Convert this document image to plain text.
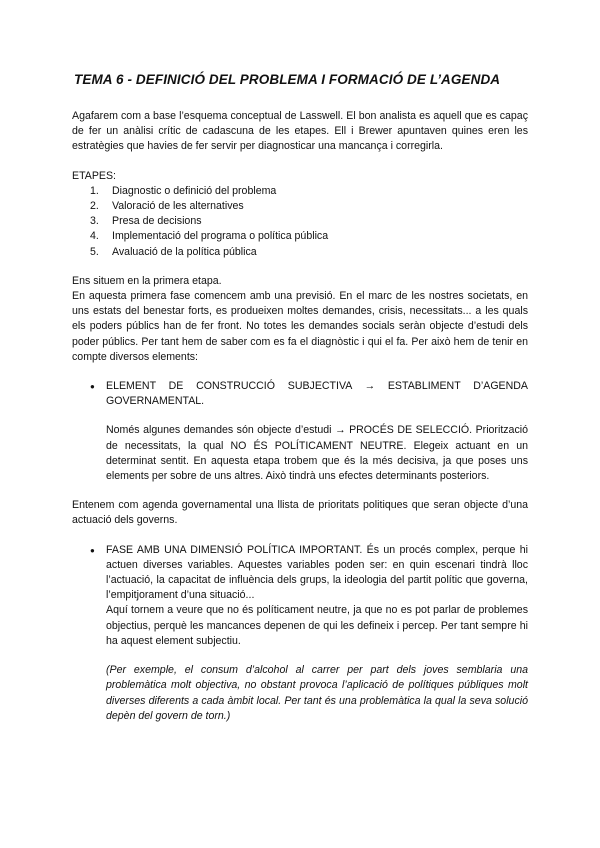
TEMA 6 - DEFINICIÓ DEL PROBLEMA I FORMACIÓ DE L’AGENDA

Agafarem com a base l’esquema conceptual de Lasswell. El bon analista es aquell que es capaç de fer un anàlisi crític de cadascuna de les etapes. Ell i Brewer apuntaven quines eren les estratègies que havies de fer servir per diagnosticar una mancança i corregirla.

ETAPES:

1.	Diagnostic o definició del problema
2.	Valoració de les alternatives
3.	Presa de decisions
4.	Implementació del programa o política pública
5.	Avaluació de la política pública

Ens situem en la primera etapa.

En aquesta primera fase comencem amb una previsió. En el marc de les nostres societats, en uns estats del benestar forts, es produeixen moltes demandes, crisis, necessitats... a les quals els poders públics han de fer front. No totes les demandes socials seràn objecte d’estudi dels poder públics. Per tant hem de saber com es fa el diagnòstic i qui el fa. Per això hem de tenir en compte diversos elements:

●	ELEMENT DE CONSTRUCCIÓ SUBJECTIVA → ESTABLIMENT D’AGENDA GOVERNAMENTAL.
Només algunes demandes són objecte d’estudi → PROCÉS DE SELECCIÓ. Priorització de necessitats, la qual NO ÉS POLÍTICAMENT NEUTRE. Elegeix actuant en un determinat sentit. En aquesta etapa trobem que és la més decisiva, ja que poses uns elements per sobre de uns altres. Això tindrà uns efectes determinants posteriors.

Entenem com agenda governamental una llista de prioritats politiques que seran objecte d’una actuació dels governs.

●	FASE AMB UNA DIMENSIÓ POLÍTICA IMPORTANT. És un procés complex, perque hi actuen diverses variables. Aquestes variables poden ser: en quin escenari tindrà lloc l’actuació, la capacitat de influència dels grups, la ideologia del partit polític que governa, l’empitjorament d’una situació...
Aquí tornem a veure que no és políticament neutre, ja que no es pot parlar de problemes objectius, perquè les mancances depenen de qui les defineix i percep. Per tant sempre hi ha aquest element subjectiu.
(Per exemple, el consum d’alcohol al carrer per part dels joves semblaria una problemàtica molt objectiva, no obstant provoca l’aplicació de polítiques públiques molt diverses diferents a cada àmbit local. Per tant és una problemàtica la qual la seva solució depèn del govern de torn.)
